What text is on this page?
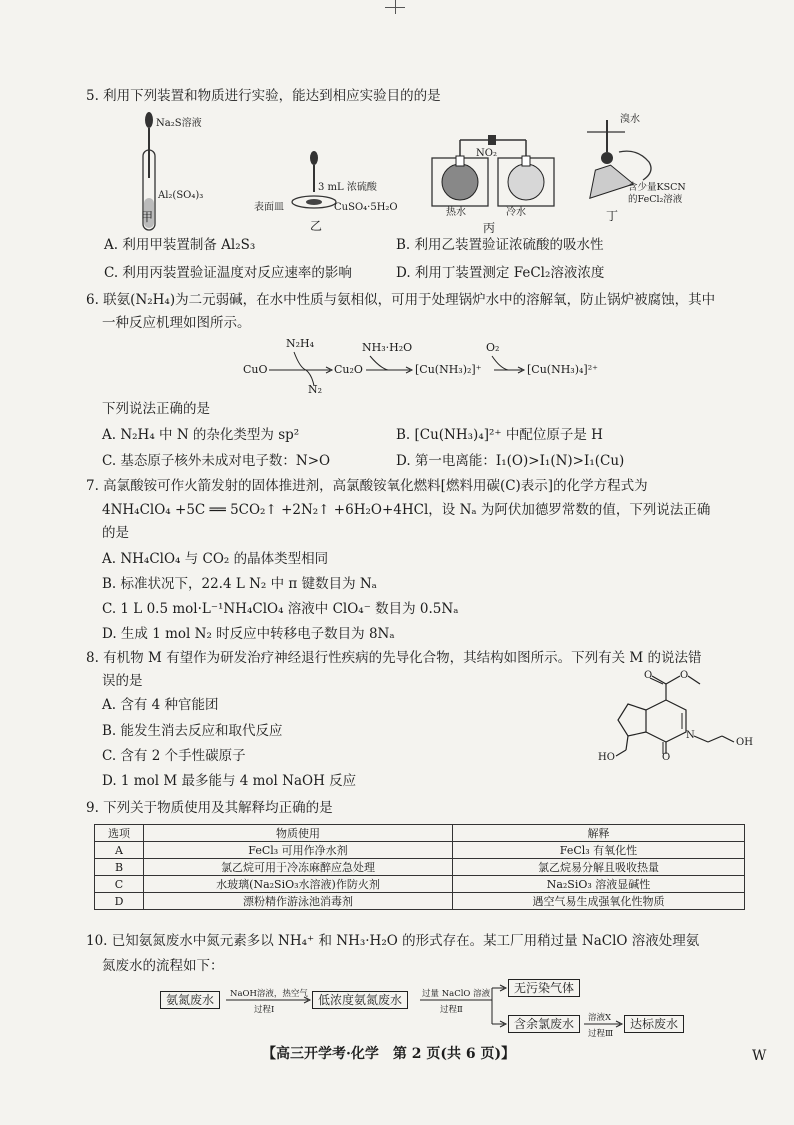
5. 利用下列装置和物质进行实验，能达到相应实验目的的是
Na₂S溶液
Al₂(SO₄)₃
甲
3 mL 浓硫酸
表面皿	CuSO₄·5H₂O
乙
NO₂
热水	冷水
丙
溴水
含少量KSCN的FeCl₂溶液
丁
A. 利用甲装置制备 Al₂S₃	B. 利用乙装置验证浓硫酸的吸水性
C. 利用丙装置验证温度对反应速率的影响	D. 利用丁装置测定 FeCl₂溶液浓度
6. 联氨(N₂H₄)为二元弱碱，在水中性质与氨相似，可用于处理锅炉水中的溶解氧，防止锅炉被腐蚀，其中
一种反应机理如图所示。
CuO
N₂H₄
N₂
Cu₂O
NH₃·H₂O
[Cu(NH₃)₂]⁺
O₂
[Cu(NH₃)₄]²⁺
下列说法正确的是
A. N₂H₄ 中 N 的杂化类型为 sp²	B. [Cu(NH₃)₄]²⁺ 中配位原子是 H
C. 基态原子核外未成对电子数：N>O	D. 第一电离能：I₁(O)>I₁(N)>I₁(Cu)
7. 高氯酸铵可作火箭发射的固体推进剂，高氯酸铵氧化燃料[燃料用碳(C)表示]的化学方程式为
4NH₄ClO₄ +5C ══ 5CO₂↑ +2N₂↑ +6H₂O+4HCl，设 Nₐ 为阿伏加德罗常数的值，下列说法正确
的是
A. NH₄ClO₄ 与 CO₂ 的晶体类型相同
B. 标准状况下，22.4 L N₂ 中 π 键数目为 Nₐ
C. 1 L 0.5 mol·L⁻¹NH₄ClO₄ 溶液中 ClO₄⁻ 数目为 0.5Nₐ
D. 生成 1 mol N₂ 时反应中转移电子数目为 8Nₐ
8. 有机物 M 有望作为研发治疗神经退行性疾病的先导化合物，其结构如图所示。下列有关 M 的说法错
误的是
A. 含有 4 种官能团
B. 能发生消去反应和取代反应
C. 含有 2 个手性碳原子
D. 1 mol M 最多能与 4 mol NaOH 反应
O	O
O
N
HO
OH
9. 下列关于物质使用及其解释均正确的是
选项	物质使用	解释
A	FeCl₃ 可用作净水剂	FeCl₃ 有氧化性
B	氯乙烷可用于冷冻麻醉应急处理	氯乙烷易分解且吸收热量
C	水玻璃(Na₂SiO₃水溶液)作防火剂	Na₂SiO₃ 溶液显碱性
D	漂粉精作游泳池消毒剂	遇空气易生成强氧化性物质
10. 已知氨氮废水中氮元素多以 NH₄⁺ 和 NH₃·H₂O 的形式存在。某工厂用稍过量 NaClO 溶液处理氨
氮废水的流程如下：
氨氮废水	NaOH溶液，热空气
过程Ⅰ
低浓度氨氮废水	过量 NaClO 溶液
过程Ⅱ
无污染气体
含余氯废水	溶液X
过程Ⅲ
达标废水
【高三开学考·化学　第 2 页(共 6 页)】	W
